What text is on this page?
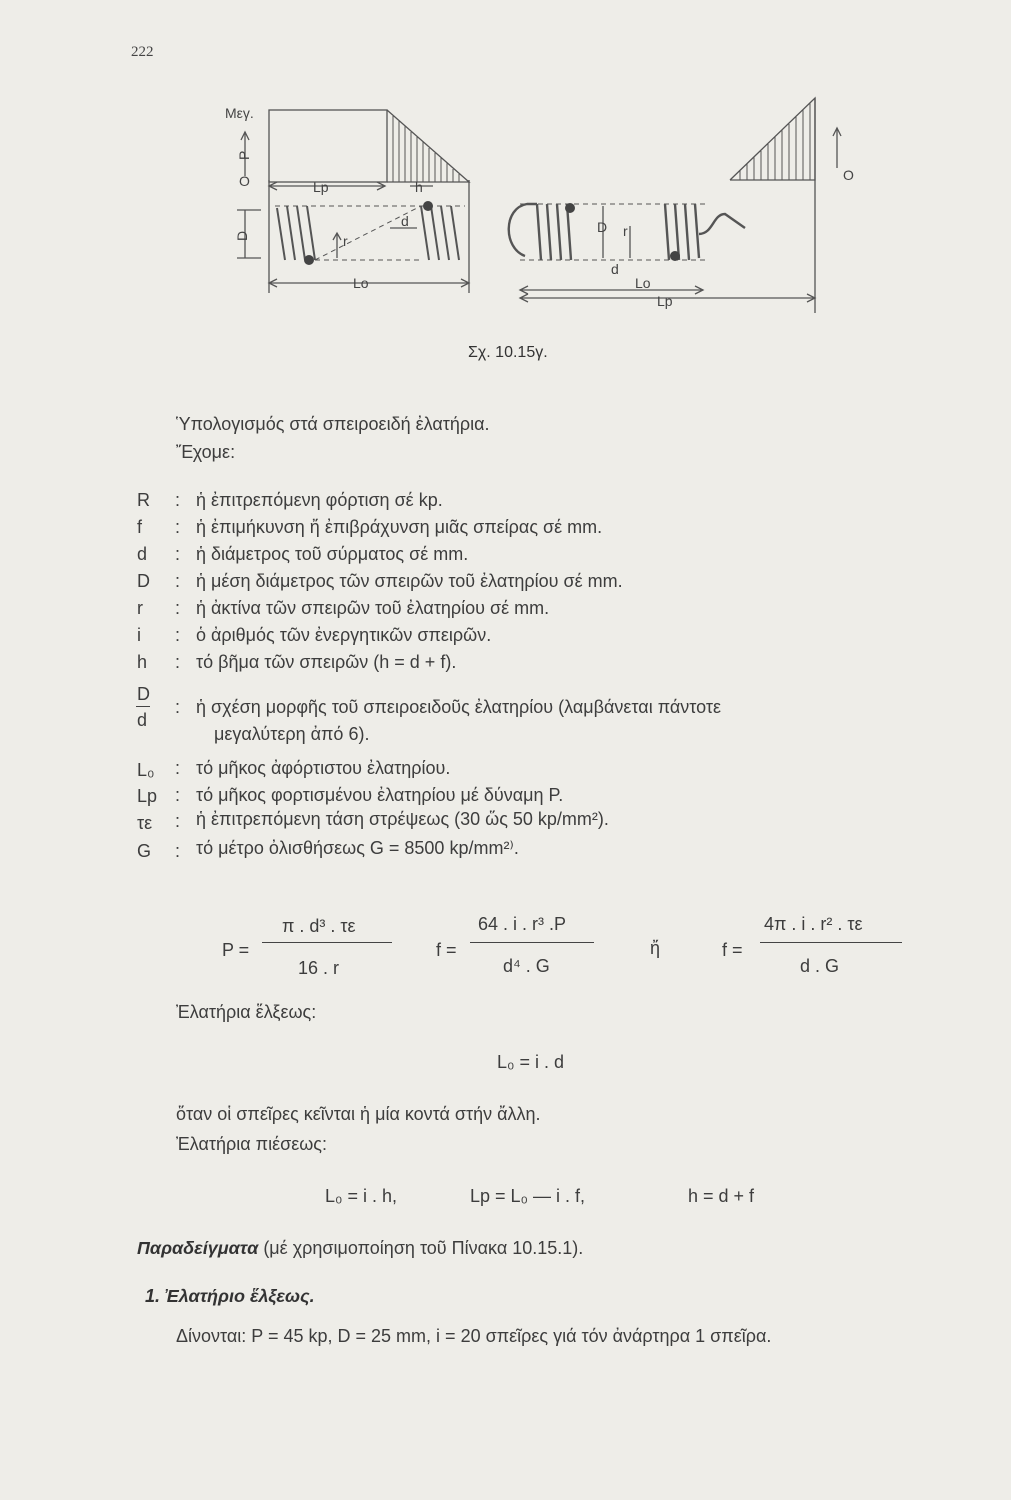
222
Μεγ.
O
P
D
Lp	h
r
d
Lo
O
D r
d
Lo
Lp
Σχ. 10.15γ.
Ὑπολογισμός στά σπειροειδή ἐλατήρια.
Ἔχομε:
R : ἡ ἐπιτρεπόμενη φόρτιση σέ kp.
f : ἡ ἐπιμήκυνση ἤ ἐπιβράχυνση μιᾶς σπείρας σέ mm.
d : ἡ διάμετρος τοῦ σύρματος σέ mm.
D : ἡ μέση διάμετρος τῶν σπειρῶν τοῦ ἐλατηρίου σέ mm.
r : ἡ ἀκτίνα τῶν σπειρῶν τοῦ ἐλατηρίου σέ mm.
i : ὁ ἀριθμός τῶν ἐνεργητικῶν σπειρῶν.
h : τό βῆμα τῶν σπειρῶν (h = d + f).
D
d
: ἡ σχέση μορφῆς τοῦ σπειροειδοῦς ἐλατηρίου (λαμβάνεται πάντοτε
μεγαλύτερη ἀπό 6).
L₀ : τό μῆκος ἀφόρτιστου ἐλατηρίου.
Lp : τό μῆκος φορτισμένου ἐλατηρίου μέ δύναμη P.
τε : ἡ ἐπιτρεπόμενη τάση στρέψεως (30 ὥς 50 kp/mm²).
G : τό μέτρο ὀλισθήσεως G = 8500 kp/mm²⁾.
P =
π . d³ . τε
16 . r
f =
64 . i . r³ .P
d⁴ . G
ἤ	f =
4π . i . r² . τε
d . G
Ἐλατήρια ἕλξεως:
L₀ = i . d
ὅταν οἱ σπεῖρες κεῖνται ἡ μία κοντά στήν ἄλλη.
Ἐλατήρια πιέσεως:
L₀ = i . h,	Lp = L₀ — i . f,	h = d + f
Παραδείγματα (μέ χρησιμοποίηση τοῦ Πίνακα 10.15.1).
1. Ἐλατήριο ἕλξεως.
Δίνονται: P = 45 kp, D = 25 mm, i = 20 σπεῖρες γιά τόν ἀνάρτηρα 1 σπεῖρα.
